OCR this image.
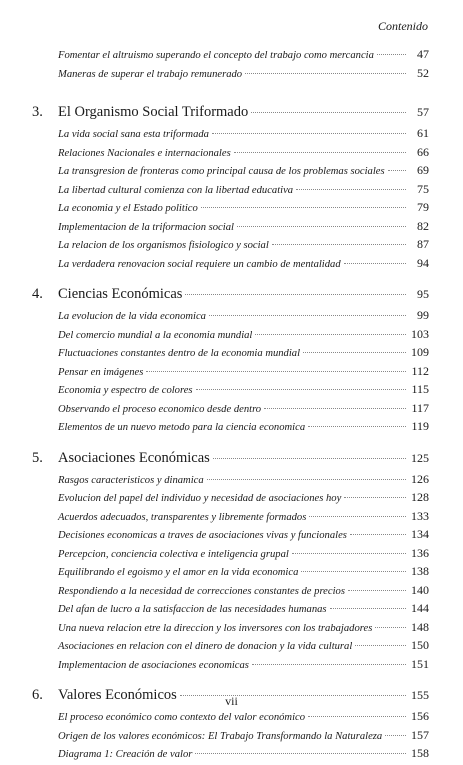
Contenido
Fomentar el altruismo superando el concepto del trabajo como mercancia	47
Maneras de superar el trabajo remunerado	52
3.	El Organismo Social Triformado	57
La vida social sana esta triformada	61
Relaciones Nacionales e internacionales	66
La transgresion de fronteras como principal causa de los problemas sociales	69
La libertad cultural comienza con la libertad educativa	75
La economia y el Estado politico	79
Implementacion de la triformacion social	82
La relacion de los organismos fisiologico y social	87
La verdadera renovacion social requiere un cambio de mentalidad	94
4.	Ciencias Económicas	95
La evolucion de la vida economica	99
Del comercio mundial a la economia mundial	103
Fluctuaciones constantes dentro de la economia mundial	109
Pensar en imágenes	112
Economia y espectro de colores	115
Observando el proceso economico desde dentro	117
Elementos de un nuevo metodo para la ciencia economica	119
5.	Asociaciones Económicas	125
Rasgos caracteristicos y dinamica	126
Evolucion del papel del individuo y necesidad de asociaciones hoy	128
Acuerdos adecuados, transparentes y libremente formados	133
Decisiones economicas a traves de asociaciones vivas y funcionales	134
Percepcion, conciencia colectiva e inteligencia grupal	136
Equilibrando el egoismo y el amor en la vida economica	138
Respondiendo a la necesidad de correcciones constantes de precios	140
Del afan de lucro a la satisfaccion de las necesidades humanas	144
Una nueva relacion etre la direccion y los inversores con los trabajadores	148
Asociaciones en relacion con el dinero de donacion y la vida cultural	150
Implementacion de asociaciones economicas	151
6.	Valores Económicos	155
El proceso económico como contexto del valor económico	156
Origen de los valores económicos: El Trabajo Transformando la Naturaleza 157
Diagrama 1: Creación de valor	158
vii
